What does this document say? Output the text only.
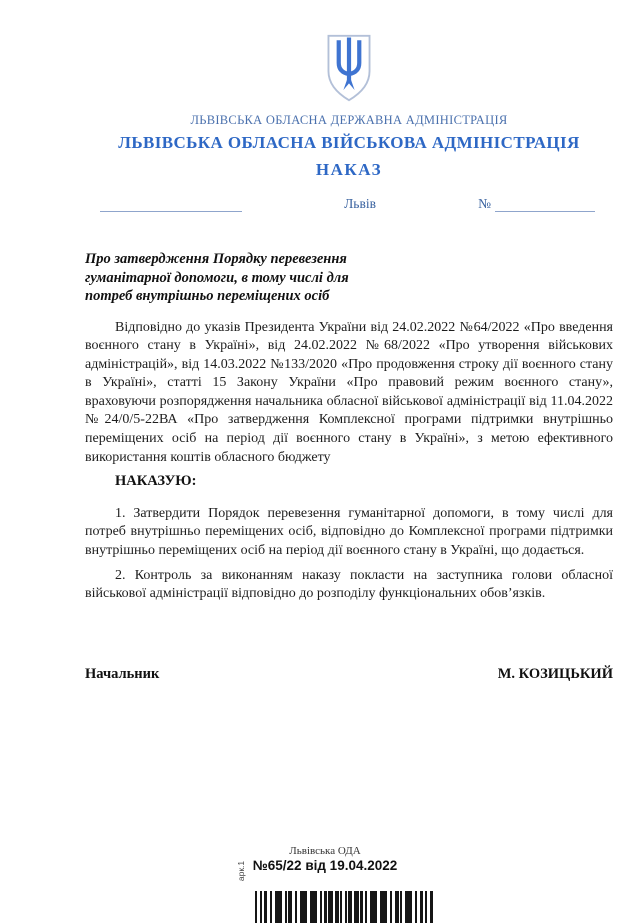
ЛЬВІВСЬКА ОБЛАСНА ДЕРЖАВНА АДМІНІСТРАЦІЯ
ЛЬВІВСЬКА ОБЛАСНА ВІЙСЬКОВА АДМІНІСТРАЦІЯ
НАКАЗ
Львів	№
Про затвердження Порядку перевезення
гуманітарної допомоги, в тому числі для
потреб внутрішньо переміщених осіб

Відповідно до указів Президента України від 24.02.2022 №64/2022 «Про введення воєнного стану в Україні», від 24.02.2022 №68/2022 «Про утворення військових адміністрацій», від 14.03.2022 №133/2020 «Про продовження строку дії воєнного стану в Україні», статті 15 Закону України «Про правовий режим воєнного стану», враховуючи розпорядження начальника обласної військової адміністрації від 11.04.2022 №24/0/5-22ВА «Про затвердження Комплексної програми підтримки внутрішньо переміщених осіб на період дії воєнного стану в Україні», з метою ефективного використання коштів обласного бюджету

НАКАЗУЮ:

1. Затвердити Порядок перевезення гуманітарної допомоги, в тому числі для потреб внутрішньо переміщених осіб, відповідно до Комплексної програми підтримки внутрішньо переміщених осіб на період дії воєнного стану в Україні, що додається.

2. Контроль за виконанням наказу покласти на заступника голови обласної військової адміністрації відповідно до розподілу функціональних обов’язків.

Начальник	М. КОЗИЦЬКИЙ
Львівська ОДА
№65/22 від 19.04.2022
арк.1
